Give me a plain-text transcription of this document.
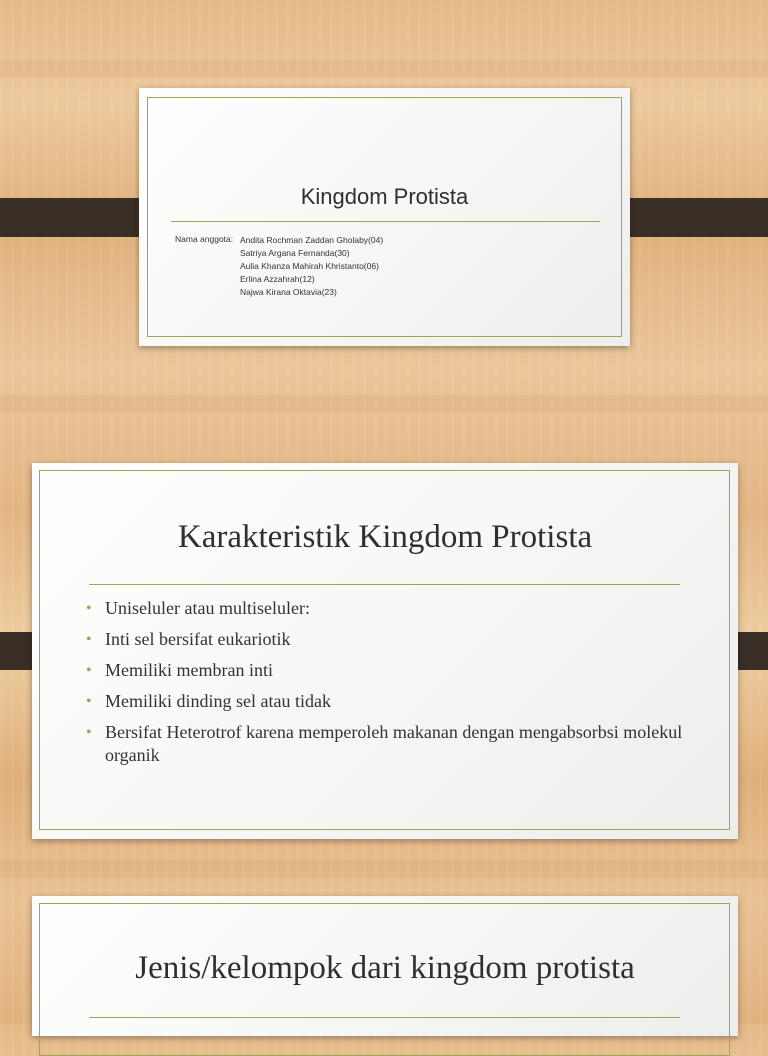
Kingdom Protista
Nama anggota: Andita Rochman Zaddan Gholaby(04)
Satriya Argana Fernanda(30)
Aulia Khanza Mahirah Khristanto(06)
Erlina Azzahrah(12)
Najwa Kirana Oktavia(23)
Karakteristik Kingdom Protista
• Uniseluler atau multiseluler:
• Inti sel bersifat eukariotik
• Memiliki membran inti
• Memiliki dinding sel atau tidak
• Bersifat Heterotrof karena memperoleh makanan dengan mengabsorbsi molekul organik
Jenis/kelompok dari kingdom protista
